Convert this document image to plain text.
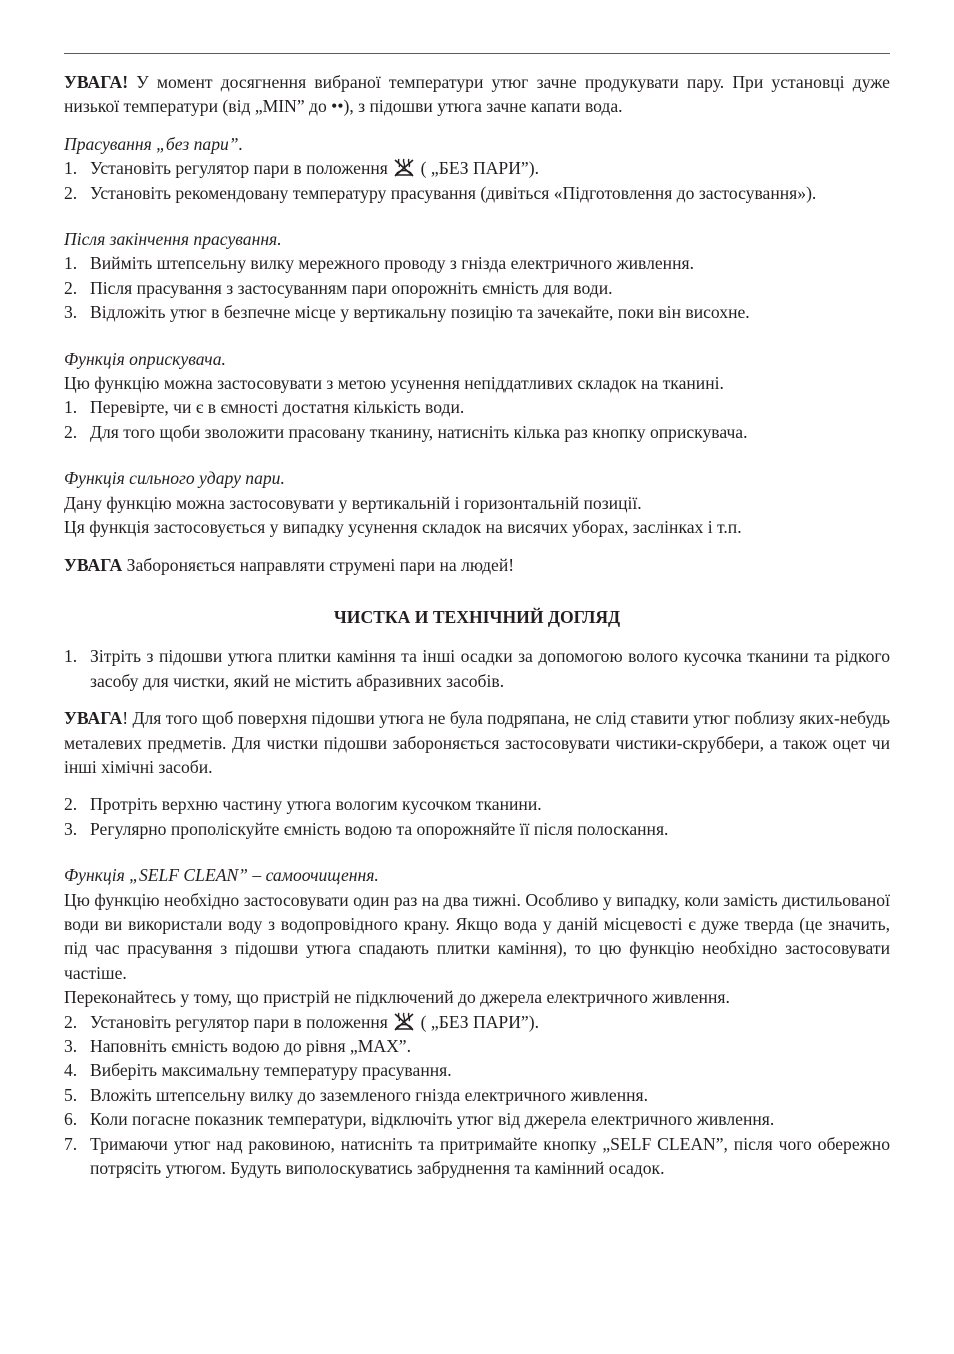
УВАГА! У момент досягнення вибраної температури утюг зачне продукувати пару. При установці дуже низької температури (від „MIN” до ••), з підошви утюга зачне капати вода.

Прасування „без пари”.

1. Установіть регулятор пари в положення  ( „БЕЗ ПАРИ”).
2. Установіть рекомендовану температуру прасування (дивіться «Підготовлення до застосування»).

Після закінчення прасування.

1. Вийміть штепсельну вилку мережного проводу з гнізда електричного живлення.
2. Після прасування з застосуванням пари опорожніть ємність для води.
3. Відложіть утюг в безпечне місце у вертикальну позицію та зачекайте, поки він висохне.

Функція оприскувача.

Цю функцію можна застосовувати з метою усунення непіддатливих складок на тканині.

1. Перевірте, чи є в ємності достатня кількість води.
2. Для того щоби зволожити прасовану тканину, натисніть кілька раз кнопку оприскувача.

Функція сильного удару пари.

Дану функцію можна застосовувати у вертикальній і горизонтальній позиції.

Ця функція застосовується у випадку усунення складок на висячих уборах, заслінках і т.п.

УВАГА Забороняється направляти струмені пари на людей!

ЧИСТКА И ТЕХНІЧНИЙ ДОГЛЯД

1. Зітріть з підошви утюга плитки каміння та інші осадки за допомогою волого кусочка тканини та рідкого засобу для чистки, який не містить абразивних засобів.

УВАГА! Для того щоб поверхня підошви утюга не була подряпана, не слід ставити утюг поблизу яких-небудь металевих предметів. Для чистки підошви забороняється застосовувати чистики-скруббери, а також оцет чи інші хімічні засоби.

2. Протріть верхню частину утюга вологим кусочком тканини.
3. Регулярно прополіскуйте ємність водою та опорожняйте її після полоскання.

Функція „SELF CLEAN” – самоочищення.

Цю функцію необхідно застосовувати один раз на два тижні. Особливо у випадку, коли замість дистильованої води ви використали воду з водопровідного крану. Якщо вода у даній місцевості є дуже тверда (це значить, під час прасування з підошви утюга спадають плитки каміння), то цю функцію необхідно застосовувати частіше.

Переконайтесь у тому, що пристрій не підключений до джерела електричного живлення.

2. Установіть регулятор пари в положення  ( „БЕЗ ПАРИ”).
3. Наповніть ємність водою до рівня „MAX”.
4. Виберіть максимальну температуру прасування.
5. Вложіть штепсельну вилку до заземленого гнізда електричного живлення.
6. Коли погасне показник температури, відключіть утюг від джерела електричного живлення.
7. Тримаючи утюг над раковиною, натисніть та притримайте кнопку „SELF CLEAN”, після чого обережно потрясіть утюгом. Будуть виполоскуватись забруднення та камінний осадок.
